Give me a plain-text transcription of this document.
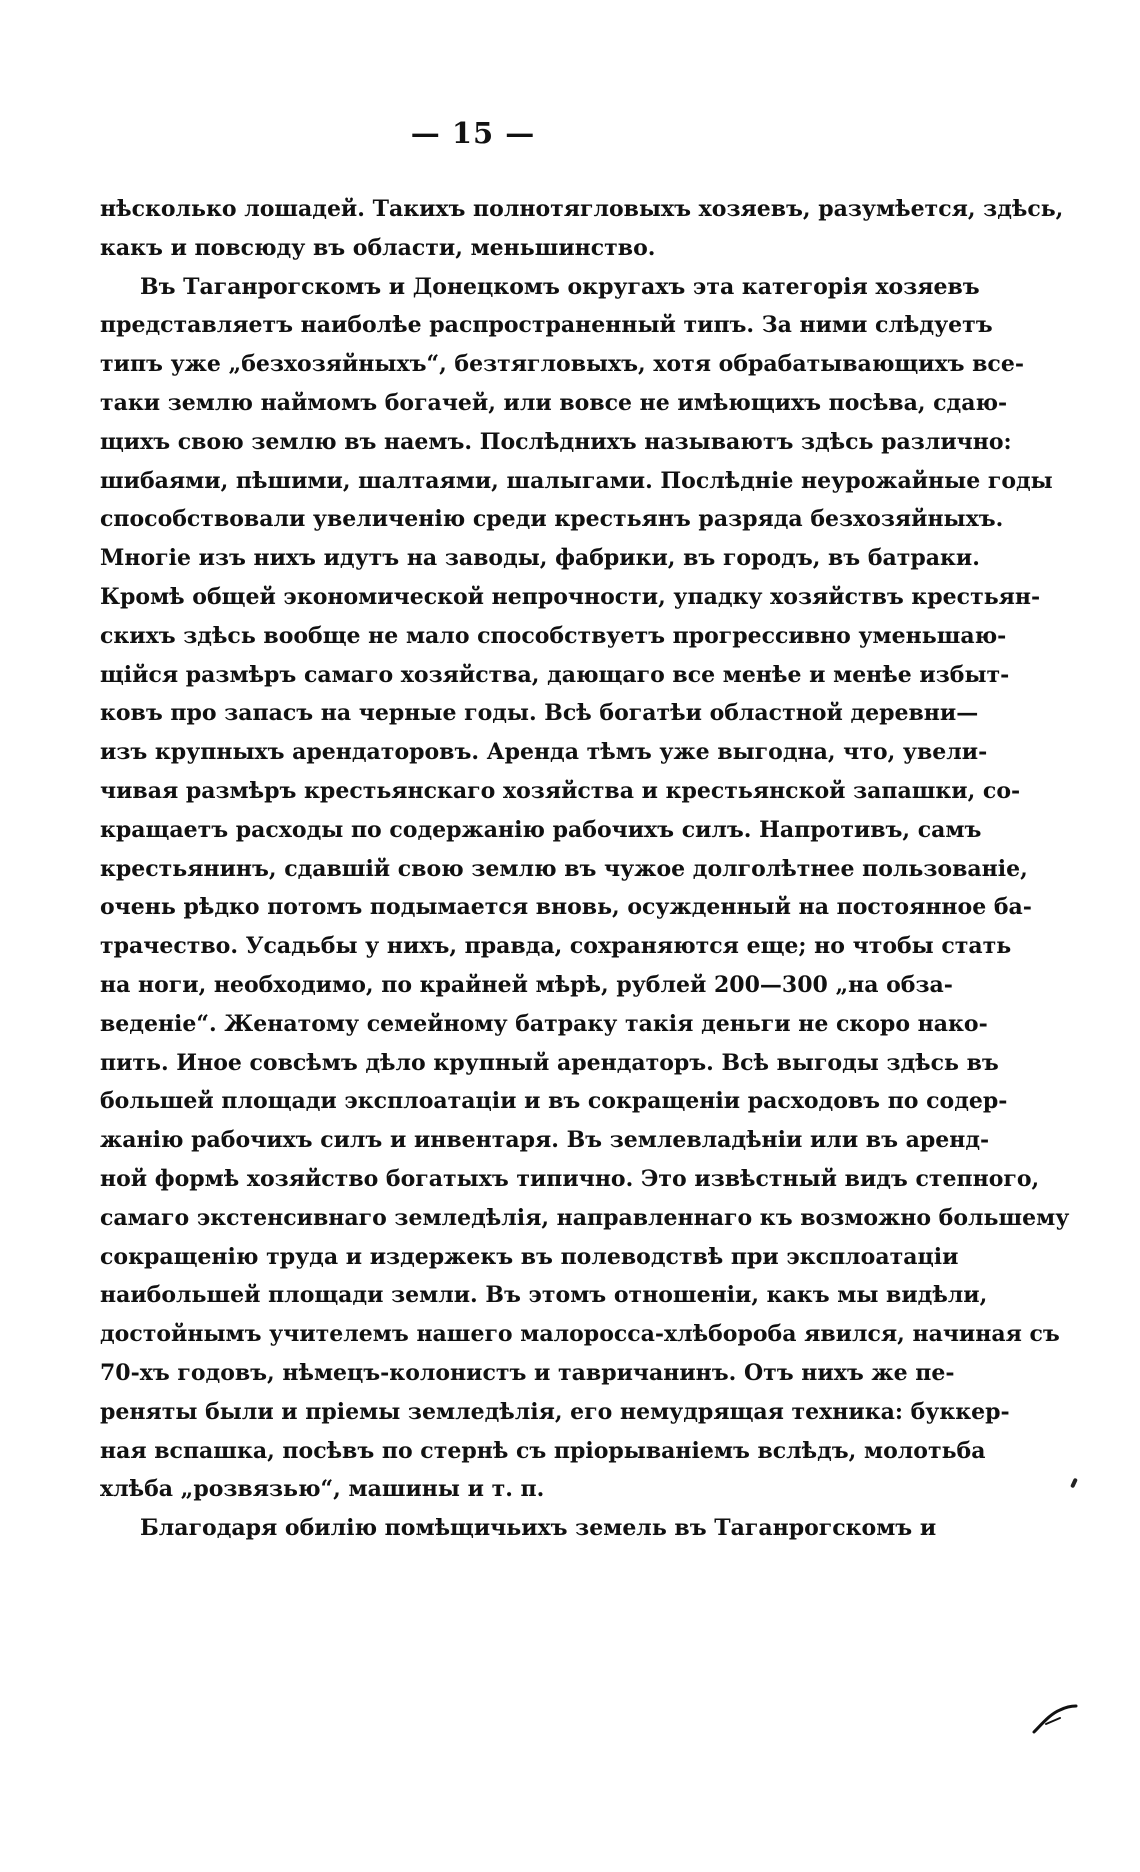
— 15 —
нѣсколько лошадей. Такихъ полнотягловыхъ хозяевъ, разумѣется, здѣсь,
какъ и повсюду въ области, меньшинство.
Въ Таганрогскомъ и Донецкомъ округахъ эта категорія хозяевъ
представляетъ наиболѣе распространенный типъ. За ними слѣдуетъ
типъ уже „безхозяйныхъ“, безтягловыхъ, хотя обрабатывающихъ все-
таки землю наймомъ богачей, или вовсе не имѣющихъ посѣва, сдаю-
щихъ свою землю въ наемъ. Послѣднихъ называютъ здѣсь различно:
шибаями, пѣшими, шалтаями, шалыгами. Послѣдніе неурожайные годы
способствовали увеличенію среди крестьянъ разряда безхозяйныхъ.
Многіе изъ нихъ идутъ на заводы, фабрики, въ городъ, въ батраки.
Кромѣ общей экономической непрочности, упадку хозяйствъ крестьян-
скихъ здѣсь вообще не мало способствуетъ прогрессивно уменьшаю-
щійся размѣръ самаго хозяйства, дающаго все менѣе и менѣе избыт-
ковъ про запасъ на черные годы. Всѣ богатѣи областной деревни—
изъ крупныхъ арендаторовъ. Аренда тѣмъ уже выгодна, что, увели-
чивая размѣръ крестьянскаго хозяйства и крестьянской запашки, со-
кращаетъ расходы по содержанію рабочихъ силъ. Напротивъ, самъ
крестьянинъ, сдавшій свою землю въ чужое долголѣтнее пользованіе,
очень рѣдко потомъ подымается вновь, осужденный на постоянное ба-
трачество. Усадьбы у нихъ, правда, сохраняются еще; но чтобы стать
на ноги, необходимо, по крайней мѣрѣ, рублей 200—300 „на обза-
веденіе“. Женатому семейному батраку такія деньги не скоро нако-
пить. Иное совсѣмъ дѣло крупный арендаторъ. Всѣ выгоды здѣсь въ
большей площади эксплоатаціи и въ сокращеніи расходовъ по содер-
жанію рабочихъ силъ и инвентаря. Въ землевладѣніи или въ аренд-
ной формѣ хозяйство богатыхъ типично. Это извѣстный видъ степного,
самаго экстенсивнаго земледѣлія, направленнаго къ возможно большему
сокращенію труда и издержекъ въ полеводствѣ при эксплоатаціи
наибольшей площади земли. Въ этомъ отношеніи, какъ мы видѣли,
достойнымъ учителемъ нашего малоросса-хлѣбороба явился, начиная съ
70-хъ годовъ, нѣмецъ-колонистъ и тавричанинъ. Отъ нихъ же пе-
реняты были и пріемы земледѣлія, его немудрящая техника: буккер-
ная вспашка, посѣвъ по стернѣ съ пріорываніемъ вслѣдъ, молотьба
хлѣба „розвязью“, машины и т. п.
Благодаря обилію помѣщичьихъ земель въ Таганрогскомъ и
